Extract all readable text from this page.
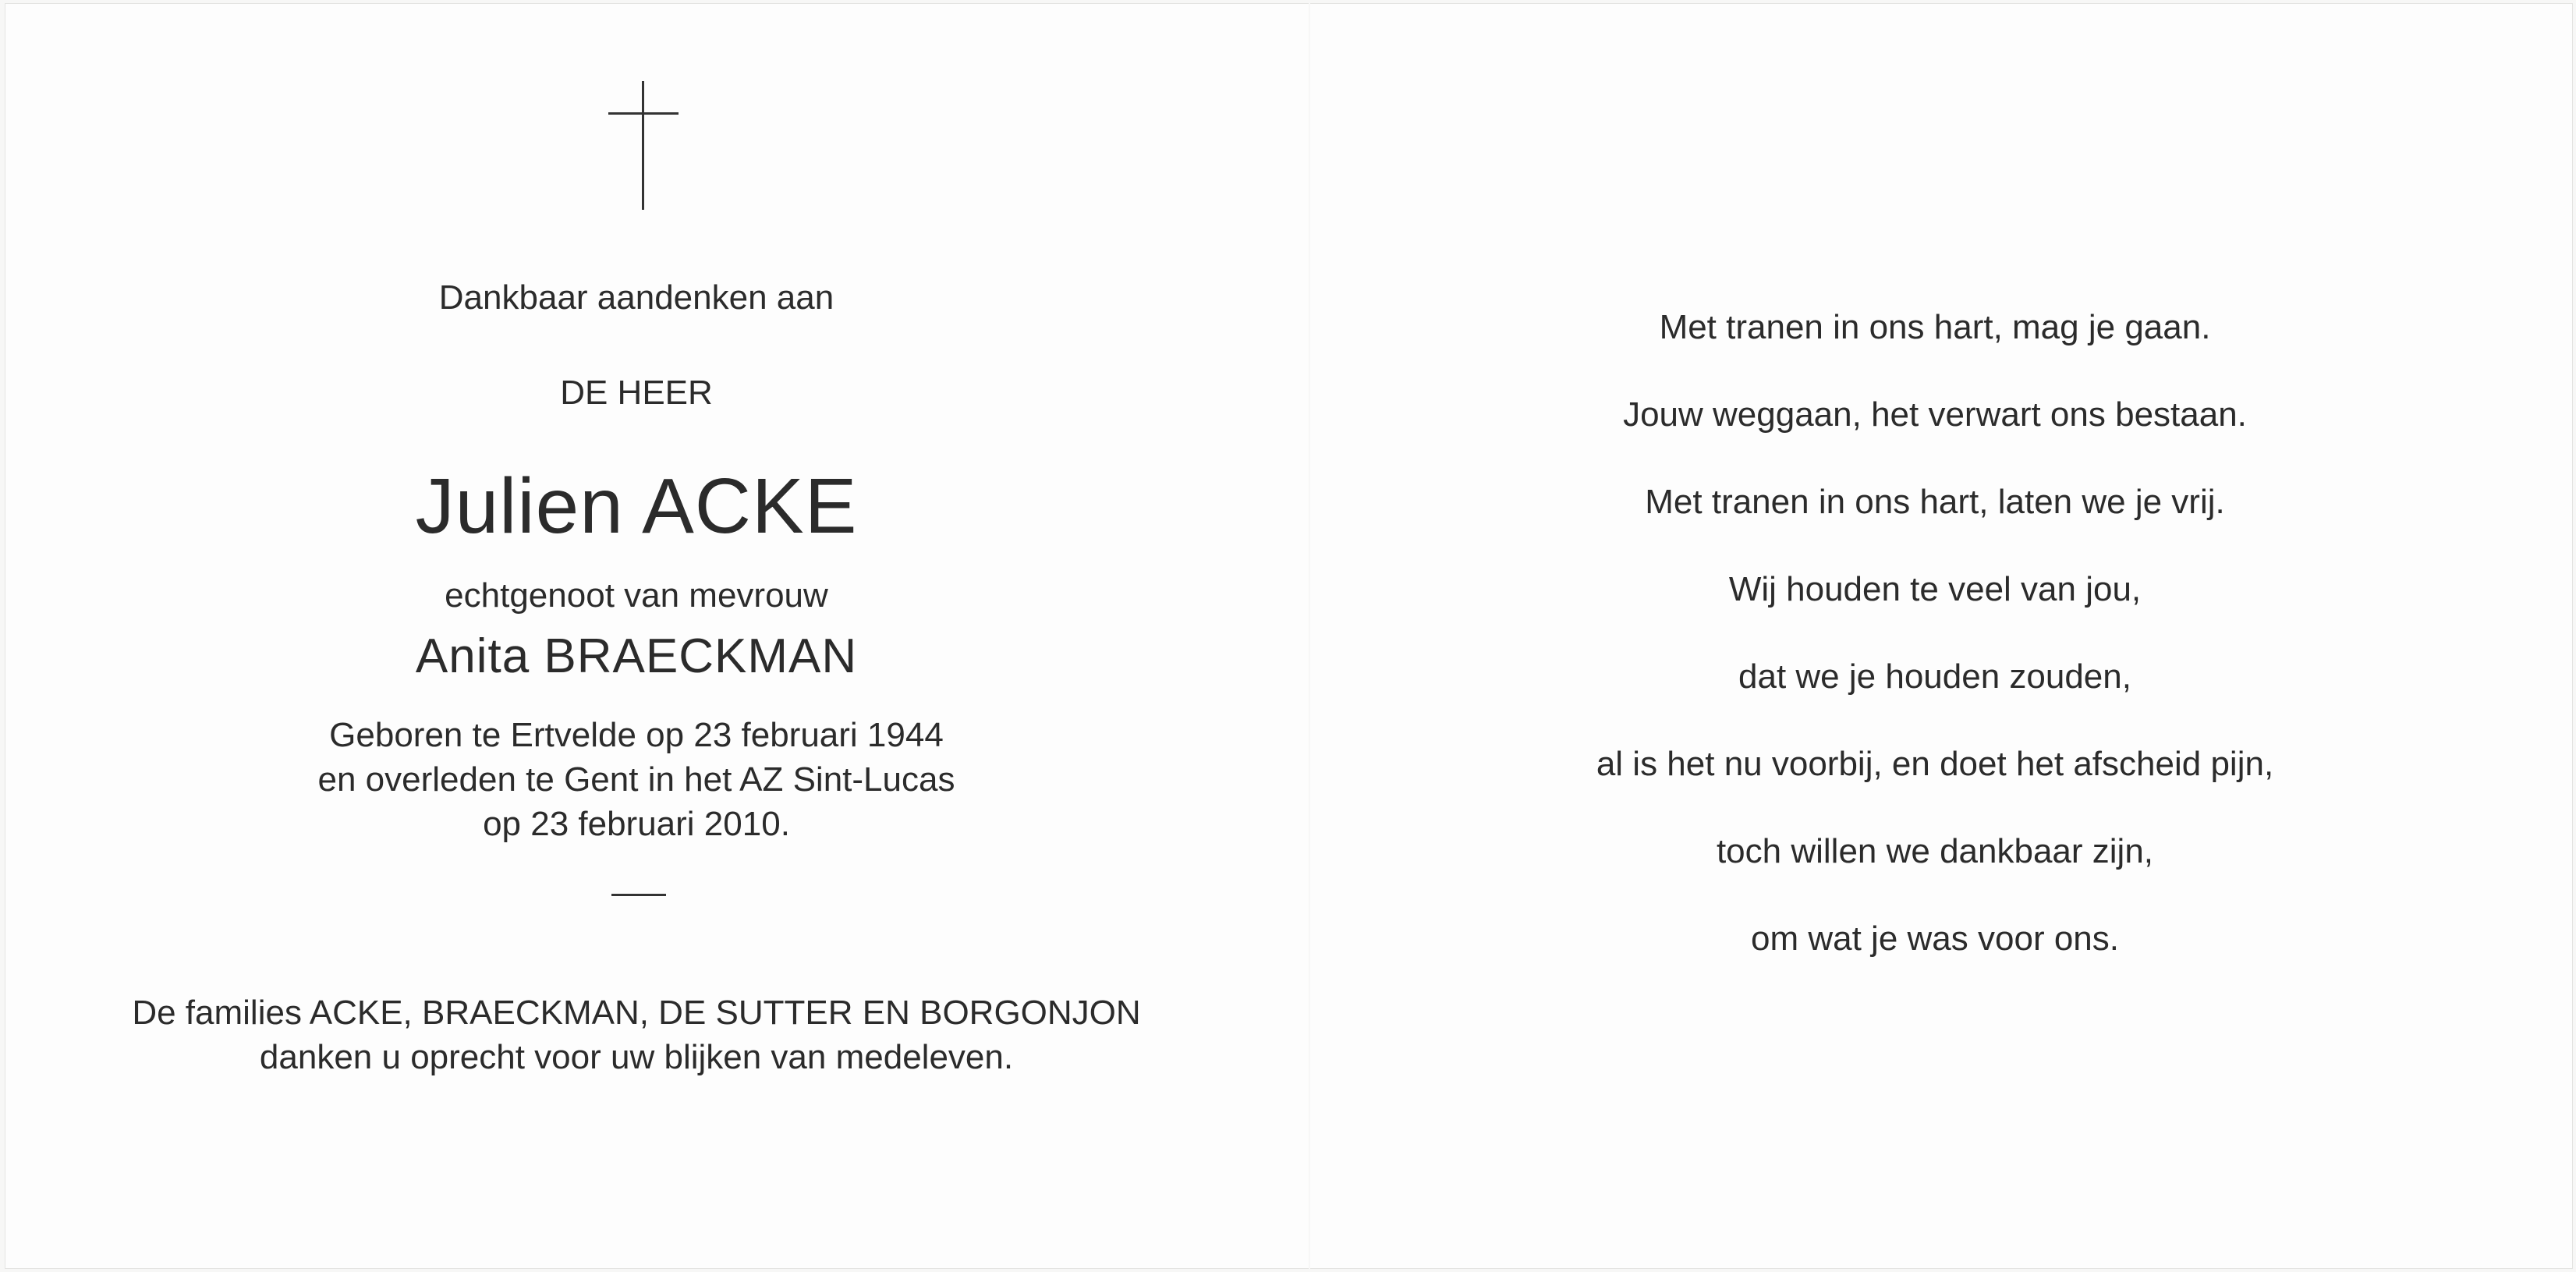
Dankbaar aandenken aan

DE HEER

Julien ACKE

echtgenoot van mevrouw

Anita BRAECKMAN

Geboren te Ertvelde op 23 februari 1944
en overleden te Gent in het AZ Sint-Lucas
op 23 februari 2010.
De families ACKE, BRAECKMAN, DE SUTTER EN BORGONJON
danken u oprecht voor uw blijken van medeleven.
Met tranen in ons hart, mag je gaan.
Jouw weggaan, het verwart ons bestaan.
Met tranen in ons hart, laten we je vrij.
Wij houden te veel van jou,
dat we je houden zouden,
al is het nu voorbij, en doet het afscheid pijn,
toch willen we dankbaar zijn,
om wat je was voor ons.
